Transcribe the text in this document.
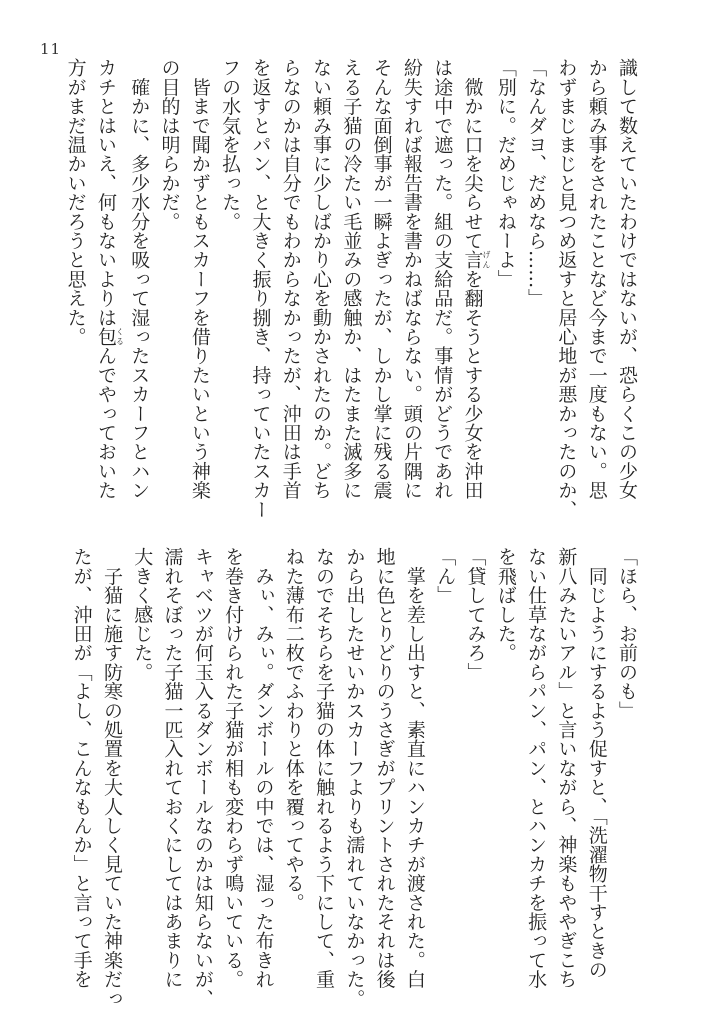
11
識して数えていたわけではないが、恐らくこの少女
から頼み事をされたことなど今まで一度もない。思
わずまじまじと見つめ返すと居心地が悪かったのか、
「なんダヨ、だめなら……」
「別に。だめじゃねーよ」
　微かに口を尖らせて言げんを翻そうとする少女を沖田
は途中で遮った。組の支給品だ。事情がどうであれ
紛失すれば報告書を書かねばならない。頭の片隅に
そんな面倒事が一瞬よぎったが、しかし掌に残る震
える子猫の冷たい毛並みの感触か、はたまた滅多に
ない頼み事に少しばかり心を動かされたのか。どち
らなのかは自分でもわからなかったが、沖田は手首
を返すとパン、と大きく振り捌き、持っていたスカー
フの水気を払った。
　皆まで聞かずともスカーフを借りたいという神楽
の目的は明らかだ。
　確かに、多少水分を吸って湿ったスカーフとハン
カチとはいえ、何もないよりは包くるんでやっておいた
方がまだ温かいだろうと思えた。
「ほら、お前のも」
　同じようにするよう促すと、「洗濯物干すときの
新八みたいアル」と言いながら、神楽もややぎこち
ない仕草ながらパン、パン、とハンカチを振って水
を飛ばした。
「貸してみろ」
「ん」
　掌を差し出すと、素直にハンカチが渡された。白
地に色とりどりのうさぎがプリントされたそれは後
から出したせいかスカーフよりも濡れていなかった。
なのでそちらを子猫の体に触れるよう下にして、重
ねた薄布二枚でふわりと体を覆ってやる。
　みぃ、みぃ。ダンボールの中では、湿った布きれ
を巻き付けられた子猫が相も変わらず鳴いている。
キャベツが何玉入るダンボールなのかは知らないが、
濡れそぼった子猫一匹入れておくにしてはあまりに
大きく感じた。
　子猫に施す防寒の処置を大人しく見ていた神楽だっ
たが、沖田が「よし、こんなもんか」と言って手を
